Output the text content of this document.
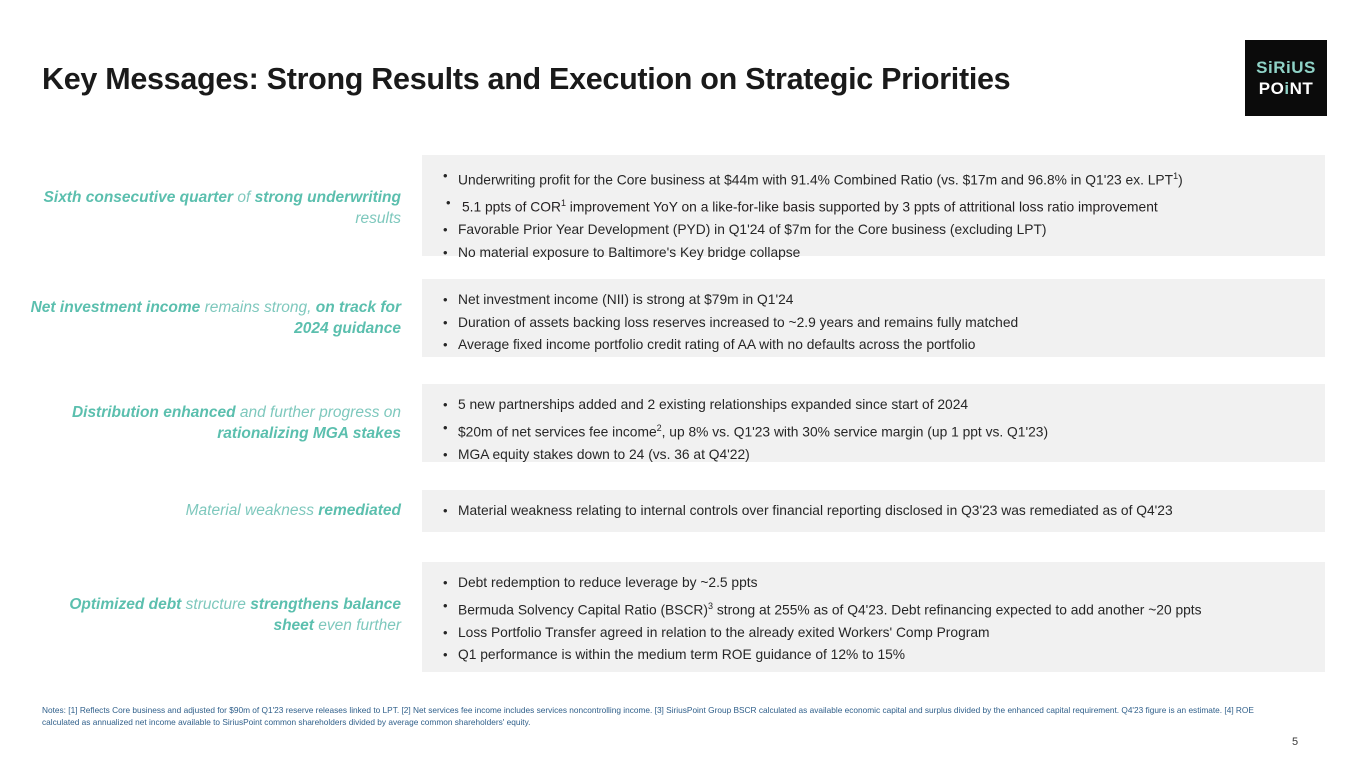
Key Messages: Strong Results and Execution on Strategic Priorities	SiRiUS
POiNT
Sixth consecutive quarter of strong underwriting results
• Underwriting profit for the Core business at $44m with 91.4% Combined Ratio (vs. $17m and 96.8% in Q1'23 ex. LPT$^1$)
• 5.1 ppts of COR$^1$ improvement YoY on a like-for-like basis supported by 3 ppts of attritional loss ratio improvement
• Favorable Prior Year Development (PYD) in Q1'24 of $7m for the Core business (excluding LPT)
• No material exposure to Baltimore's Key bridge collapse
Net investment income remains strong, on track for 2024 guidance
• Net investment income (NII) is strong at $79m in Q1'24
• Duration of assets backing loss reserves increased to ~2.9 years and remains fully matched
• Average fixed income portfolio credit rating of AA with no defaults across the portfolio
Distribution enhanced and further progress on rationalizing MGA stakes
• 5 new partnerships added and 2 existing relationships expanded since start of 2024
• $20m of net services fee income$^2$, up 8% vs. Q1'23 with 30% service margin (up 1 ppt vs. Q1'23)
• MGA equity stakes down to 24 (vs. 36 at Q4'22)
Material weakness remediated	• Material weakness relating to internal controls over financial reporting disclosed in Q3'23 was remediated as of Q4'23
Optimized debt structure strengthens balance sheet even further
• Debt redemption to reduce leverage by ~2.5 ppts
• Bermuda Solvency Capital Ratio (BSCR)$^3$ strong at 255% as of Q4'23. Debt refinancing expected to add another ~20 ppts
• Loss Portfolio Transfer agreed in relation to the already exited Workers' Comp Program
• Q1 performance is within the medium term ROE guidance of 12% to 15%
Notes: [1] Reflects Core business and adjusted for $90m of Q1'23 reserve releases linked to LPT. [2] Net services fee income includes services noncontrolling income. [3] SiriusPoint Group BSCR calculated as available economic capital and surplus divided by the enhanced capital requirement. Q4'23 figure is an estimate. [4] ROE calculated as annualized net income available to SiriusPoint common shareholders divided by average common shareholders' equity.
5
